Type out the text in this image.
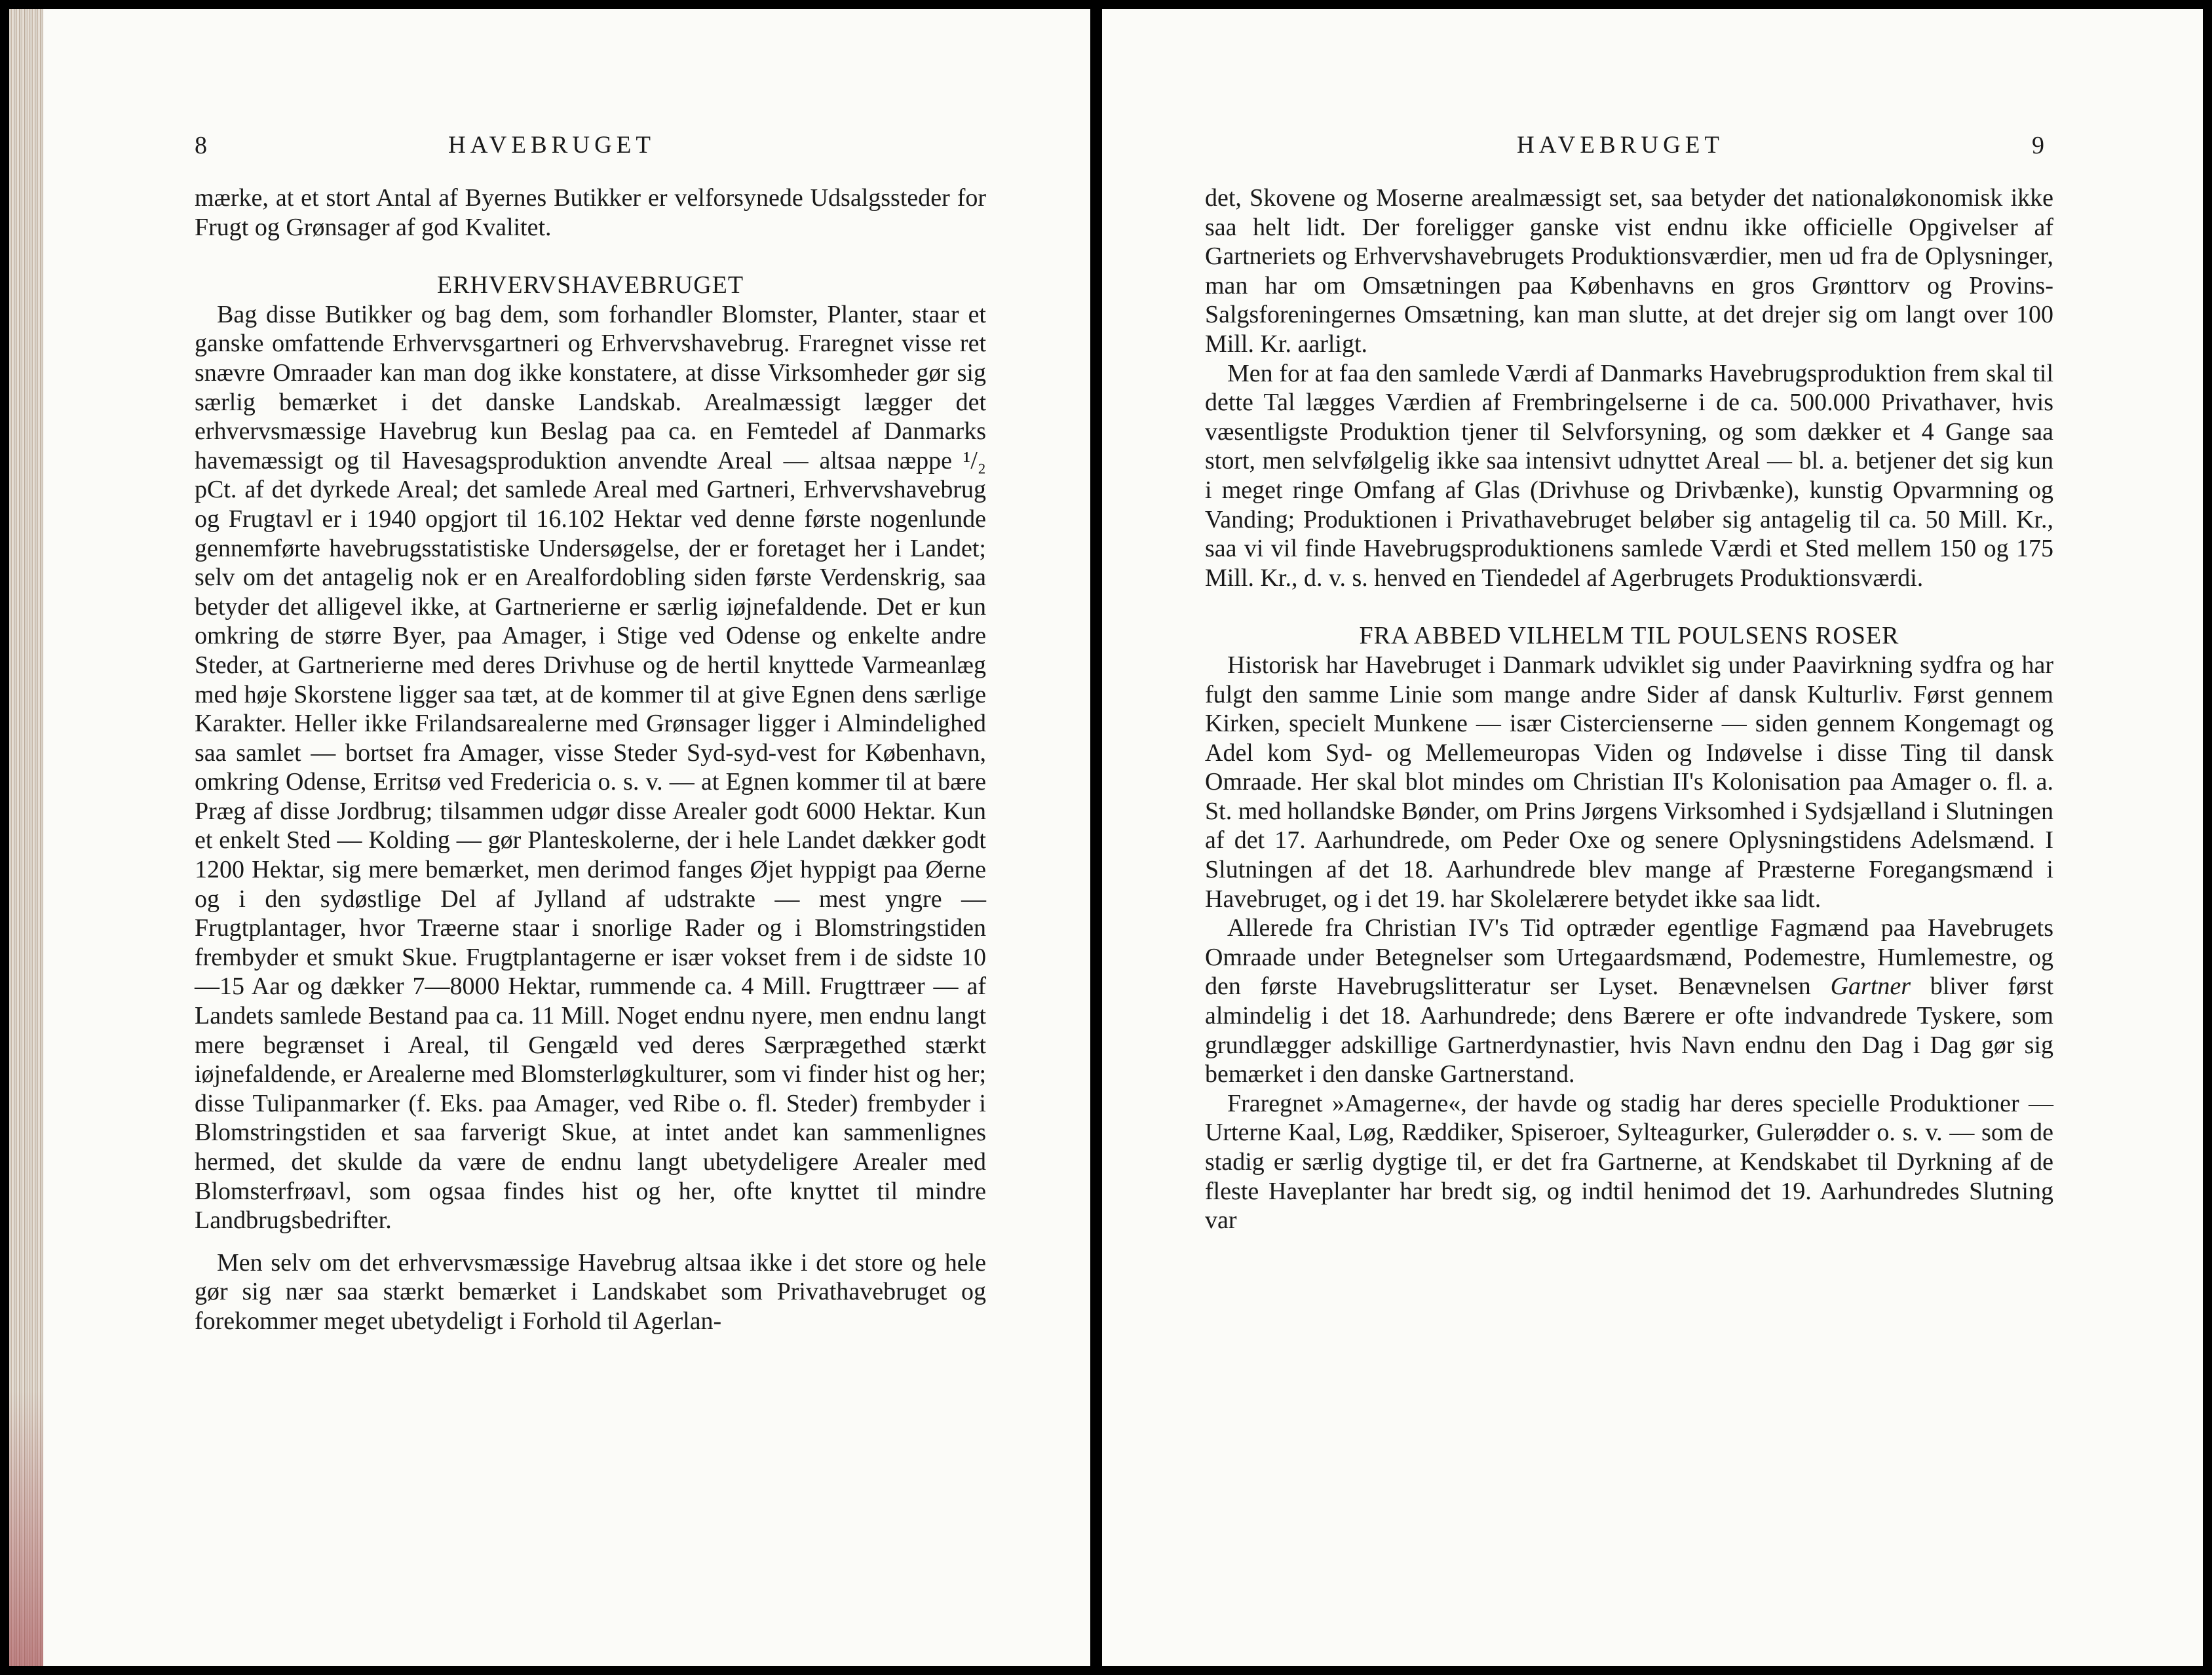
8	HAVEBRUGET

mærke, at et stort Antal af Byernes Butikker er velforsynede Udsalgssteder for Frugt og Grønsager af god Kvalitet.

ERHVERVSHAVEBRUGET

Bag disse Butikker og bag dem, som forhandler Blomster, Planter, staar et ganske omfattende Erhvervsgartneri og Erhvervshavebrug. Fraregnet visse ret snævre Omraader kan man dog ikke konstatere, at disse Virksomheder gør sig særlig bemærket i det danske Landskab. Arealmæssigt lægger det erhvervsmæssige Havebrug kun Beslag paa ca. en Femtedel af Danmarks havemæssigt og til Havesagsproduktion anvendte Areal — altsaa næppe ¹/₂ pCt. af det dyrkede Areal; det samlede Areal med Gartneri, Erhvervshavebrug og Frugtavl er i 1940 opgjort til 16.102 Hektar ved denne første nogenlunde gennemførte havebrugsstatistiske Undersøgelse, der er foretaget her i Landet; selv om det antagelig nok er en Arealfordobling siden første Verdenskrig, saa betyder det alligevel ikke, at Gartnerierne er særlig iøjnefaldende. Det er kun omkring de større Byer, paa Amager, i Stige ved Odense og enkelte andre Steder, at Gartnerierne med deres Drivhuse og de hertil knyttede Varmeanlæg med høje Skorstene ligger saa tæt, at de kommer til at give Egnen dens særlige Karakter. Heller ikke Frilandsarealerne med Grønsager ligger i Almindelighed saa samlet — bortset fra Amager, visse Steder Syd-syd-vest for København, omkring Odense, Erritsø ved Fredericia o. s. v. — at Egnen kommer til at bære Præg af disse Jordbrug; tilsammen udgør disse Arealer godt 6000 Hektar. Kun et enkelt Sted — Kolding — gør Planteskolerne, der i hele Landet dækker godt 1200 Hektar, sig mere bemærket, men derimod fanges Øjet hyppigt paa Øerne og i den sydøstlige Del af Jylland af udstrakte — mest yngre — Frugtplantager, hvor Træerne staar i snorlige Rader og i Blomstringstiden frembyder et smukt Skue. Frugtplantagerne er især vokset frem i de sidste 10—15 Aar og dækker 7—8000 Hektar, rummende ca. 4 Mill. Frugttræer — af Landets samlede Bestand paa ca. 11 Mill. Noget endnu nyere, men endnu langt mere begrænset i Areal, til Gengæld ved deres Særprægethed stærkt iøjnefaldende, er Arealerne med Blomsterløgkulturer, som vi finder hist og her; disse Tulipanmarker (f. Eks. paa Amager, ved Ribe o. fl. Steder) frembyder i Blomstringstiden et saa farverigt Skue, at intet andet kan sammenlignes hermed, det skulde da være de endnu langt ubetydeligere Arealer med Blomsterfrøavl, som ogsaa findes hist og her, ofte knyttet til mindre Landbrugsbedrifter.

Men selv om det erhvervsmæssige Havebrug altsaa ikke i det store og hele gør sig nær saa stærkt bemærket i Landskabet som Privathavebruget og forekommer meget ubetydeligt i Forhold til Agerlan-

HAVEBRUGET	9

det, Skovene og Moserne arealmæssigt set, saa betyder det nationaløkonomisk ikke saa helt lidt. Der foreligger ganske vist endnu ikke officielle Opgivelser af Gartneriets og Erhvervshavebrugets Produktionsværdier, men ud fra de Oplysninger, man har om Omsætningen paa Københavns en gros Grønttorv og Provins-Salgsforeningernes Omsætning, kan man slutte, at det drejer sig om langt over 100 Mill. Kr. aarligt.

Men for at faa den samlede Værdi af Danmarks Havebrugsproduktion frem skal til dette Tal lægges Værdien af Frembringelserne i de ca. 500.000 Privathaver, hvis væsentligste Produktion tjener til Selvforsyning, og som dækker et 4 Gange saa stort, men selvfølgelig ikke saa intensivt udnyttet Areal — bl. a. betjener det sig kun i meget ringe Omfang af Glas (Drivhuse og Drivbænke), kunstig Opvarmning og Vanding; Produktionen i Privathavebruget beløber sig antagelig til ca. 50 Mill. Kr., saa vi vil finde Havebrugsproduktionens samlede Værdi et Sted mellem 150 og 175 Mill. Kr., d. v. s. henved en Tiendedel af Agerbrugets Produktionsværdi.

FRA ABBED VILHELM TIL POULSENS ROSER

Historisk har Havebruget i Danmark udviklet sig under Paavirkning sydfra og har fulgt den samme Linie som mange andre Sider af dansk Kulturliv. Først gennem Kirken, specielt Munkene — især Cistercienserne — siden gennem Kongemagt og Adel kom Syd- og Mellemeuropas Viden og Indøvelse i disse Ting til dansk Omraade. Her skal blot mindes om Christian II's Kolonisation paa Amager o. fl. a. St. med hollandske Bønder, om Prins Jørgens Virksomhed i Sydsjælland i Slutningen af det 17. Aarhundrede, om Peder Oxe og senere Oplysningstidens Adelsmænd. I Slutningen af det 18. Aarhundrede blev mange af Præsterne Foregangsmænd i Havebruget, og i det 19. har Skolelærere betydet ikke saa lidt.

Allerede fra Christian IV's Tid optræder egentlige Fagmænd paa Havebrugets Omraade under Betegnelser som Urtegaardsmænd, Podemestre, Humlemestre, og den første Havebrugslitteratur ser Lyset. Benævnelsen Gartner bliver først almindelig i det 18. Aarhundrede; dens Bærere er ofte indvandrede Tyskere, som grundlægger adskillige Gartnerdynastier, hvis Navn endnu den Dag i Dag gør sig bemærket i den danske Gartnerstand.

Fraregnet »Amagerne«, der havde og stadig har deres specielle Produktioner — Urterne Kaal, Løg, Ræddiker, Spiseroer, Sylteagurker, Gulerødder o. s. v. — som de stadig er særlig dygtige til, er det fra Gartnerne, at Kendskabet til Dyrkning af de fleste Haveplanter har bredt sig, og indtil henimod det 19. Aarhundredes Slutning var
